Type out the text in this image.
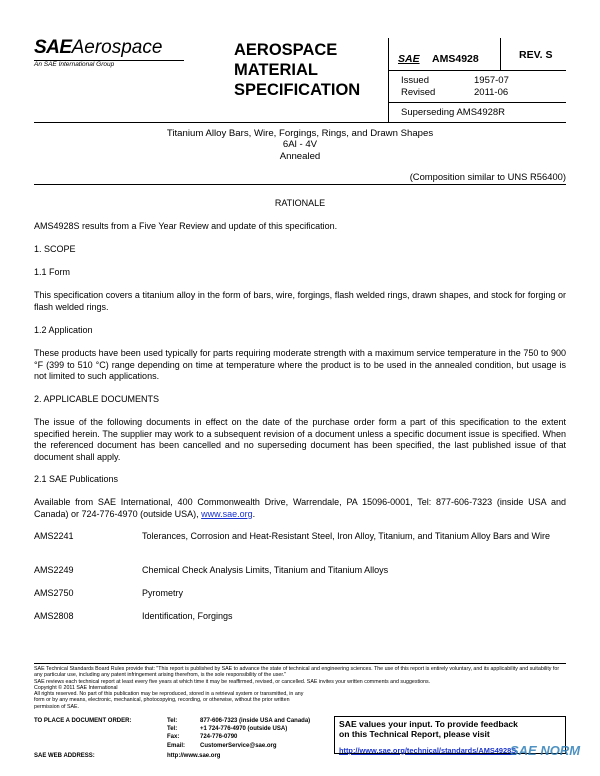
SAEAerospace
An SAE International Group
AEROSPACE
MATERIAL
SPECIFICATION
SAE AMS4928	REV. S
Issued	1957-07
Revised	2011-06
Superseding AMS4928R
Titanium Alloy Bars, Wire, Forgings, Rings, and Drawn Shapes
6Al - 4V
Annealed
(Composition similar to UNS R56400)
RATIONALE
AMS4928S results from a Five Year Review and update of this specification.
1. SCOPE
1.1 Form
This specification covers a titanium alloy in the form of bars, wire, forgings, flash welded rings, drawn shapes, and stock for forging or flash welded rings.
1.2 Application
These products have been used typically for parts requiring moderate strength with a maximum service temperature in the 750 to 900 °F (399 to 510 °C) range depending on time at temperature where the product is to be used in the annealed condition, but usage is not limited to such applications.
2. APPLICABLE DOCUMENTS
The issue of the following documents in effect on the date of the purchase order form a part of this specification to the extent specified herein. The supplier may work to a subsequent revision of a document unless a specific document issue is specified. When the referenced document has been cancelled and no superseding document has been specified, the last published issue of that document shall apply.
2.1 SAE Publications
Available from SAE International, 400 Commonwealth Drive, Warrendale, PA 15096-0001, Tel: 877-606-7323 (inside USA and Canada) or 724-776-4970 (outside USA), www.sae.org.
AMS2241	Tolerances, Corrosion and Heat-Resistant Steel, Iron Alloy, Titanium, and Titanium Alloy Bars and Wire
AMS2249	Chemical Check Analysis Limits, Titanium and Titanium Alloys
AMS2750	Pyrometry
AMS2808	Identification, Forgings
SAE Technical Standards Board Rules provide that: "This report is published by SAE to advance the state of technical and engineering sciences. The use of this report is entirely voluntary, and its applicability and suitability for any particular use, including any patent infringement arising therefrom, is the sole responsibility of the user."
SAE reviews each technical report at least every five years at which time it may be reaffirmed, revised, or cancelled. SAE invites your written comments and suggestions.
Copyright © 2011 SAE International
All rights reserved. No part of this publication may be reproduced, stored in a retrieval system or transmitted, in any form or by any means, electronic, mechanical, photocopying, recording, or otherwise, without the prior written permission of SAE.
TO PLACE A DOCUMENT ORDER:	Tel:	877-606-7323 (inside USA and Canada)
Tel:	+1 724-776-4970 (outside USA)
Fax:	724-776-0790
Email: CustomerService@sae.org
SAE WEB ADDRESS:	http://www.sae.org
SAE values your input. To provide feedback
on this Technical Report, please visit
http://www.sae.org/technical/standards/AMS4928S
SAE NORM
